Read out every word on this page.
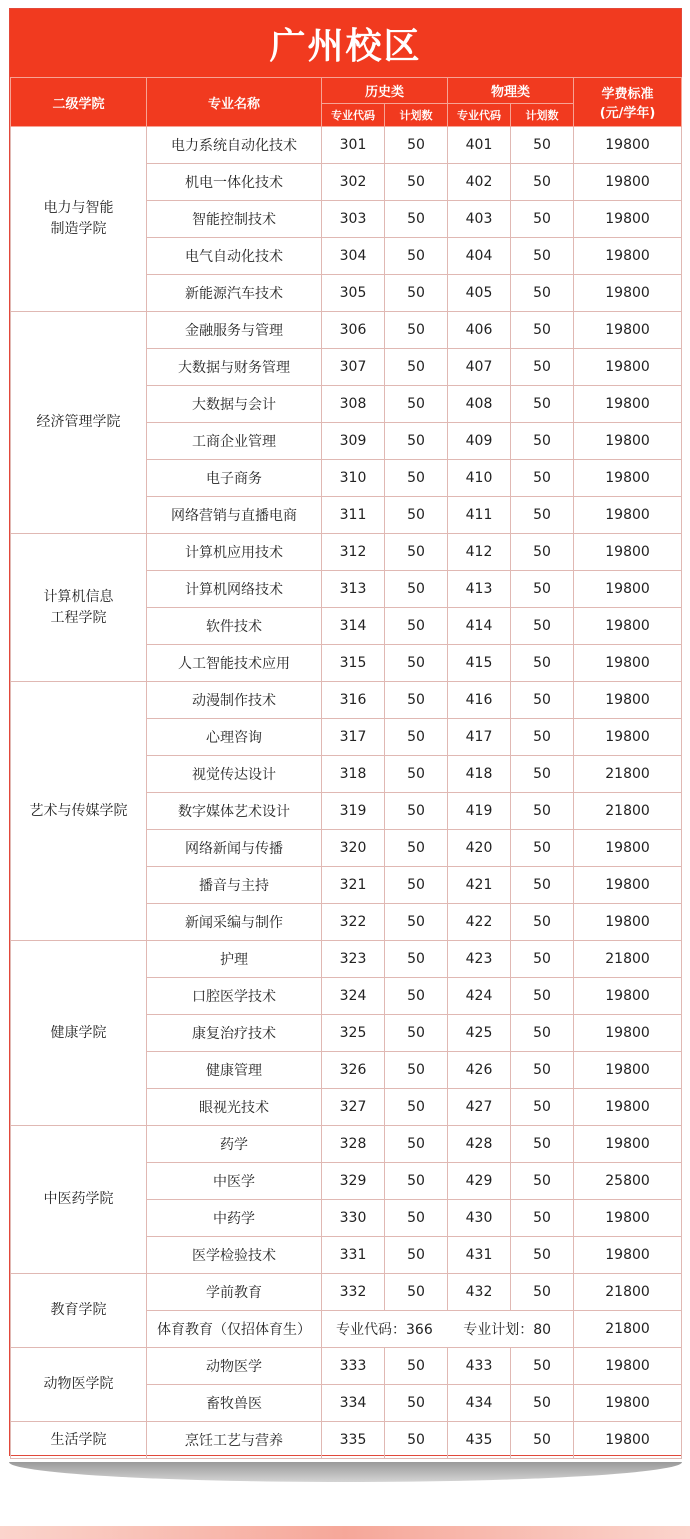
广州校区
二级学院	专业名称	历史类		物理类		学费标准
(元/学年)

		专业代码	计划数	专业代码	计划数	
电力与智能
制造学院	电力系统自动化技术	301	50	401	50	19800
	机电一体化技术	302	50	402	50	19800
	智能控制技术	303	50	403	50	19800
	电气自动化技术	304	50	404	50	19800
	新能源汽车技术	305	50	405	50	19800
经济管理学院	金融服务与管理	306	50	406	50	19800
	大数据与财务管理	307	50	407	50	19800
	大数据与会计	308	50	408	50	19800
	工商企业管理	309	50	409	50	19800
	电子商务	310	50	410	50	19800
	网络营销与直播电商	311	50	411	50	19800
计算机信息
工程学院	计算机应用技术	312	50	412	50	19800
	计算机网络技术	313	50	413	50	19800
	软件技术	314	50	414	50	19800
	人工智能技术应用	315	50	415	50	19800
艺术与传媒学院	动漫制作技术	316	50	416	50	19800
	心理咨询	317	50	417	50	19800
	视觉传达设计	318	50	418	50	21800
	数字媒体艺术设计	319	50	419	50	21800
	网络新闻与传播	320	50	420	50	19800
	播音与主持	321	50	421	50	19800
	新闻采编与制作	322	50	422	50	19800
健康学院	护理	323	50	423	50	21800
	口腔医学技术	324	50	424	50	19800
	康复治疗技术	325	50	425	50	19800
	健康管理	326	50	426	50	19800
	眼视光技术	327	50	427	50	19800
中医药学院	药学	328	50	428	50	19800
	中医学	329	50	429	50	25800
	中药学	330	50	430	50	19800
	医学检验技术	331	50	431	50	19800
教育学院	学前教育	332	50	432	50	21800
	体育教育（仅招体育生）	专业代码：366 专业计划：80				21800
动物医学院	动物医学	333	50	433	50	19800
	畜牧兽医	334	50	434	50	19800
生活学院	烹饪工艺与营养	335	50	435	50	19800
